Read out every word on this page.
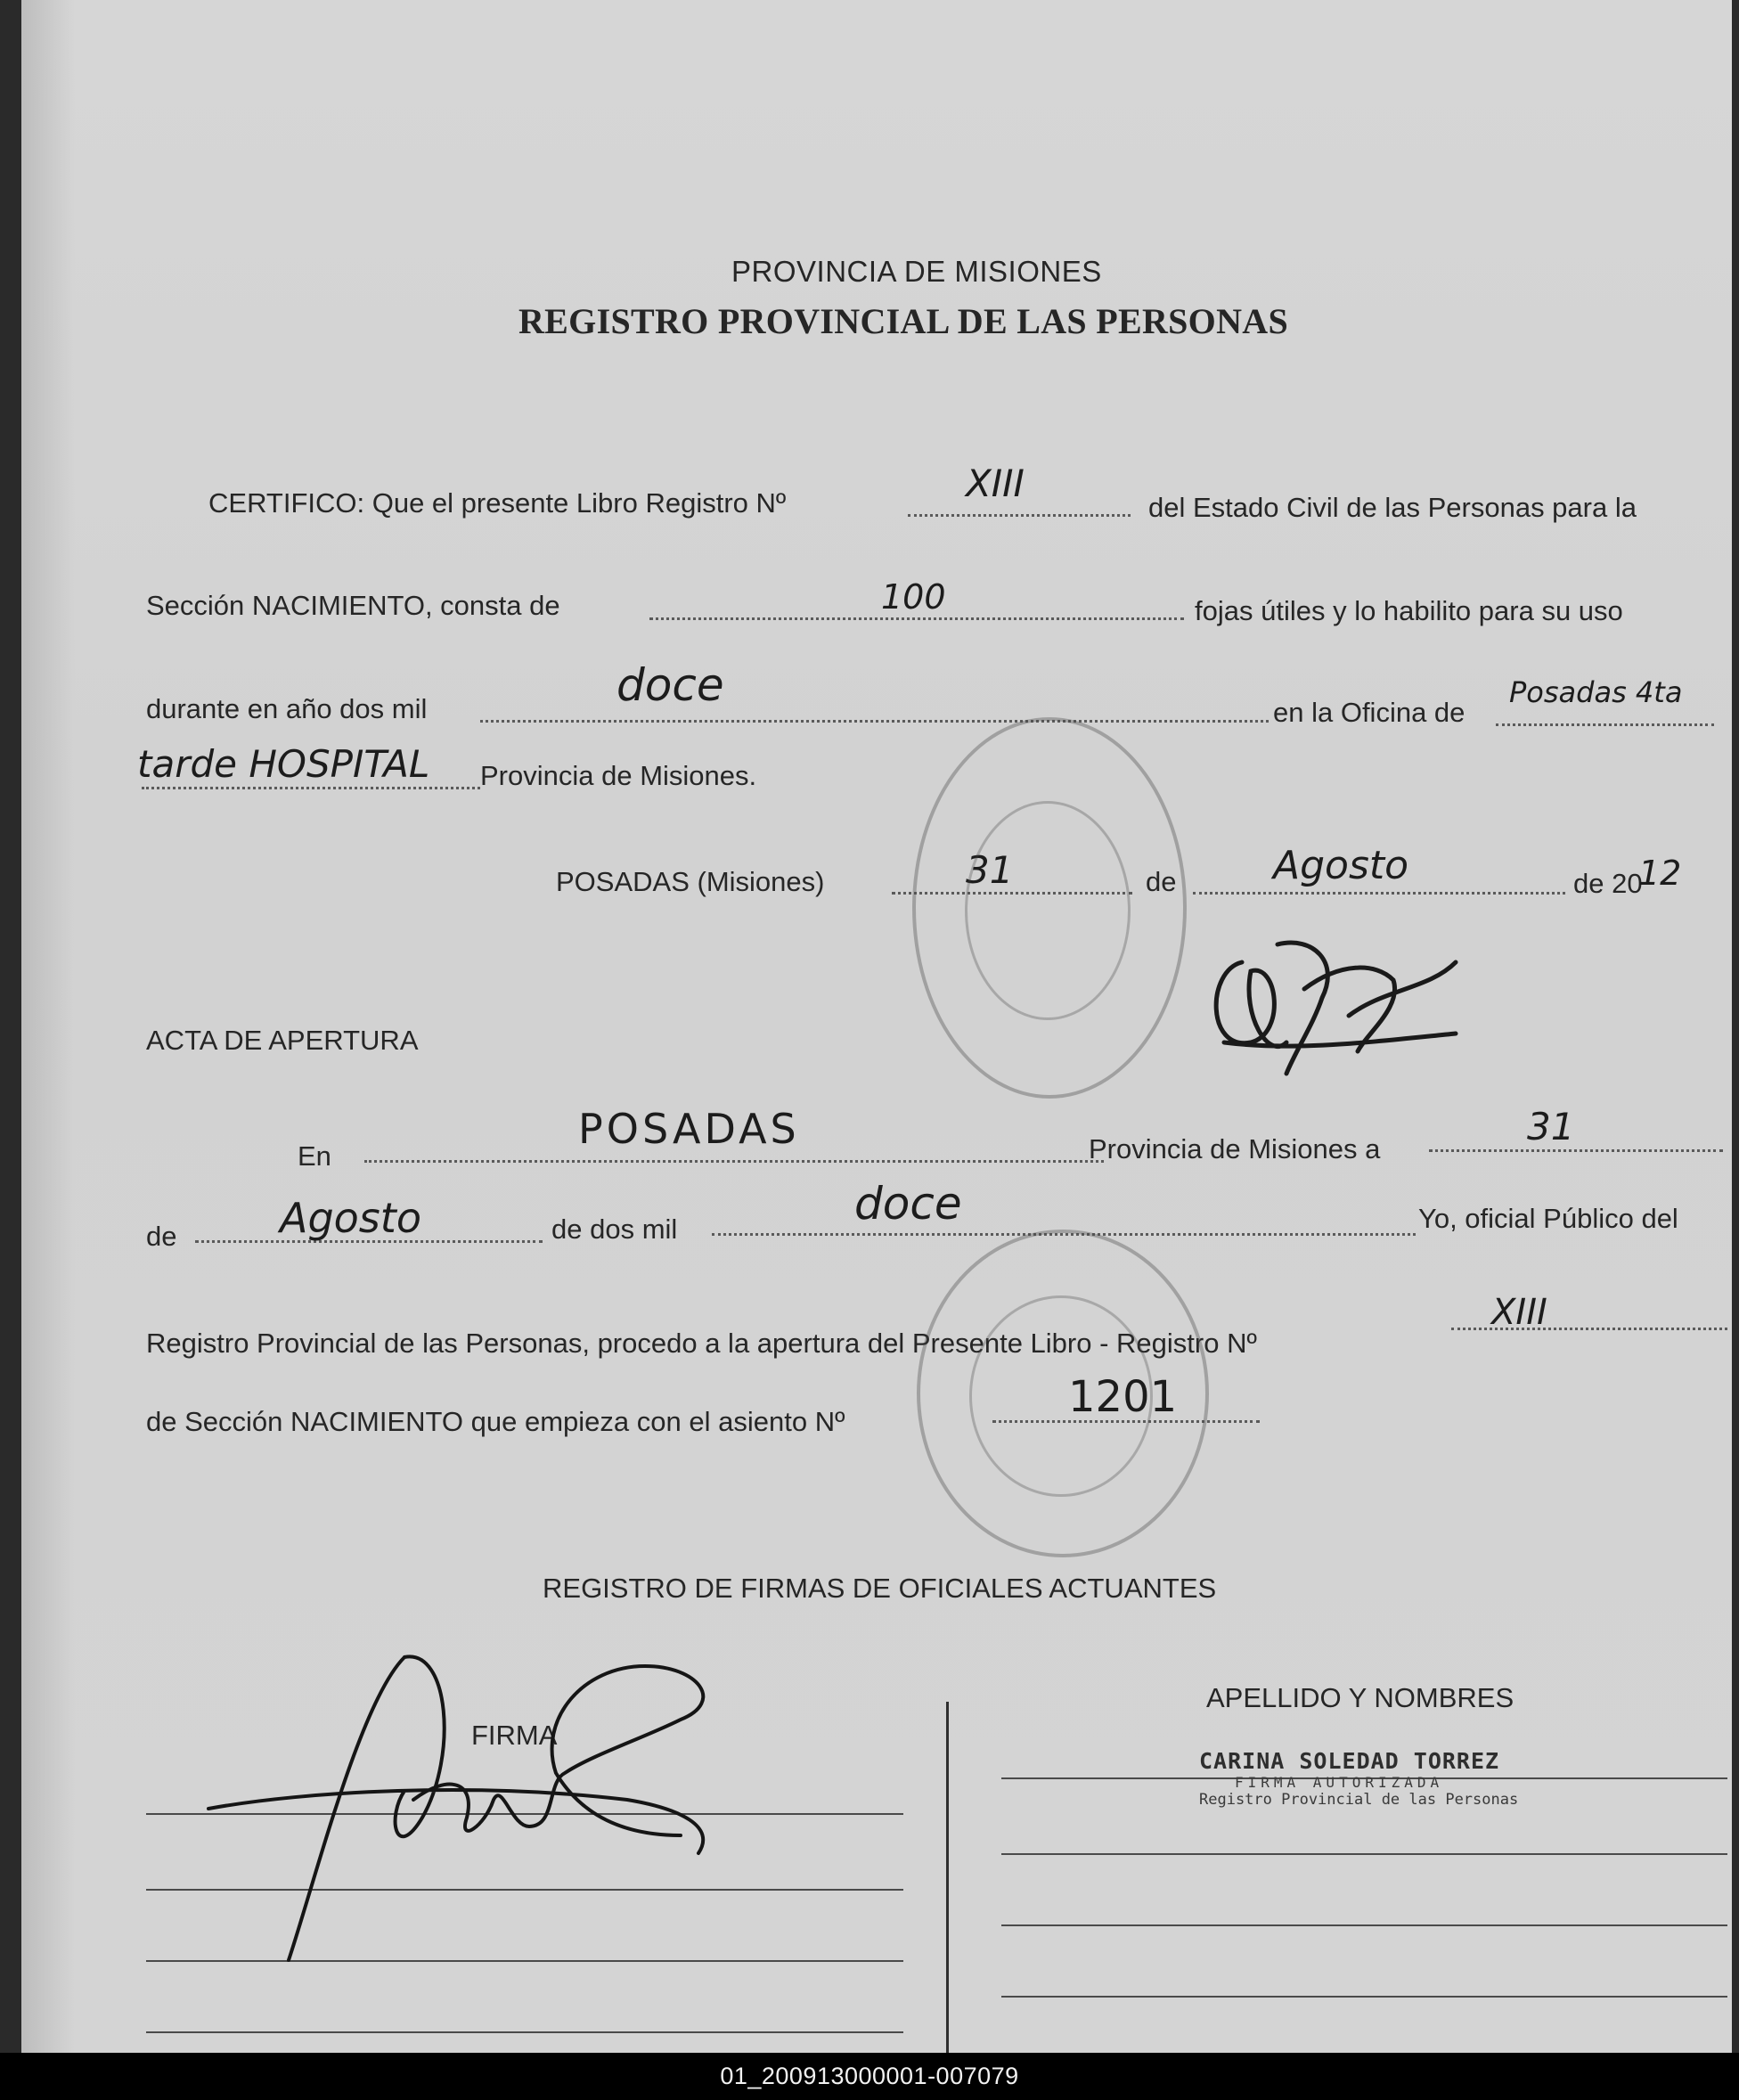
PROVINCIA DE MISIONES
REGISTRO PROVINCIAL DE LAS PERSONAS
CERTIFICO: Que el presente Libro Registro Nº	XIII
del Estado Civil de las Personas para la
Sección NACIMIENTO, consta de	100	fojas útiles y lo habilito para su uso
durante en año dos mil	doce
en la Oficina de
Posadas 4ta
tarde HOSPITAL Provincia de Misiones.
POSADAS (Misiones)	31	de Agosto	de 20
12
ACTA DE APERTURA
En
POSADAS	Provincia de Misiones a
31
de	Agosto	de dos mil	doce	Yo, oficial Público del
Registro Provincial de las Personas, procedo a la apertura del Presente Libro - Registro Nº
XIII
de Sección NACIMIENTO que empieza con el asiento Nº	1201
REGISTRO DE FIRMAS DE OFICIALES ACTUANTES
FIRMA
APELLIDO Y NOMBRES
CARINA SOLEDAD TORREZ
FIRMA AUTORIZADA
Registro Provincial de las Personas
01_200913000001-007079
